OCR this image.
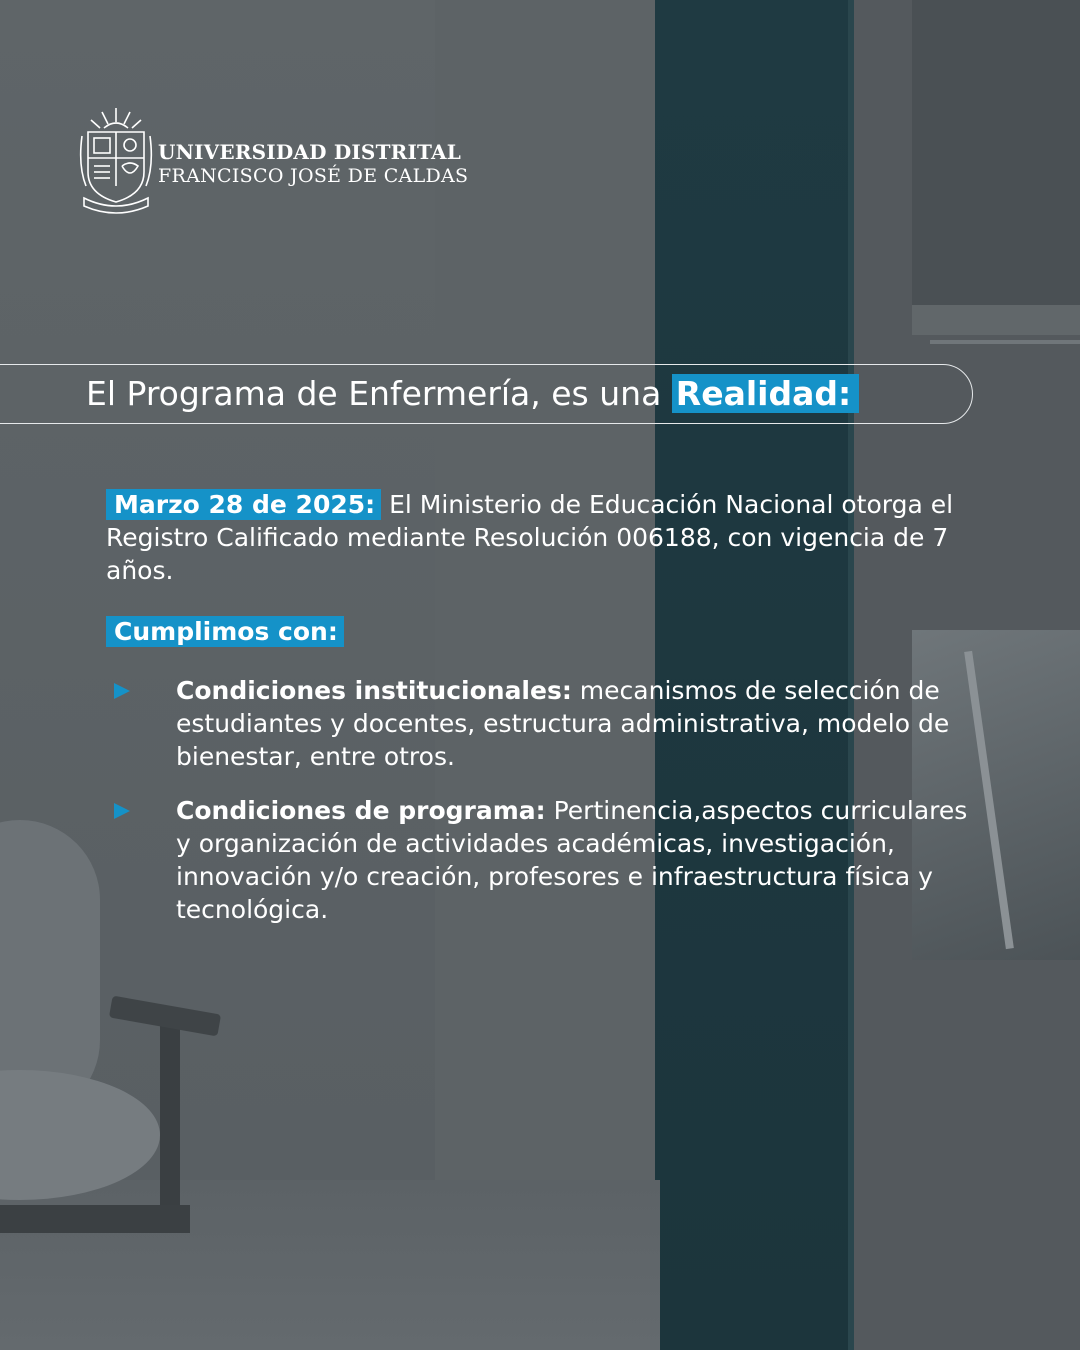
UNIVERSIDAD DISTRITAL
FRANCISCO JOSÉ DE CALDAS
El Programa de Enfermería, es una Realidad:
Marzo 28 de 2025: El Ministerio de Educación Nacional otorga el Registro Calificado mediante Resolución 006188, con vigencia de 7 años.
Cumplimos con:
Condiciones institucionales: mecanismos de selección de estudiantes y docentes, estructura administrativa, modelo de bienestar, entre otros.
Condiciones de programa: Pertinencia,aspectos curriculares y organización de actividades académicas, investigación, innovación y/o creación, profesores e infraestructura física y tecnológica.
